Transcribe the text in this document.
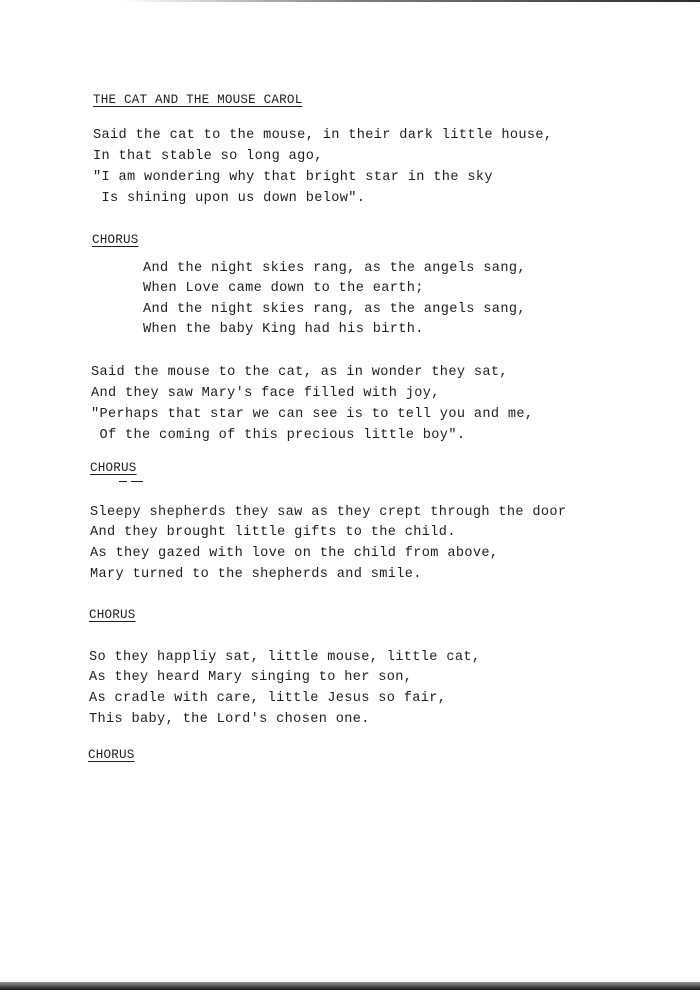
THE CAT AND THE MOUSE CAROL
Said the cat to the mouse, in their dark little house,
In that stable so long ago,
"I am wondering why that bright star in the sky
Is shining upon us down below".
CHORUS
And the night skies rang, as the angels sang,
When Love came down to the earth;
And the night skies rang, as the angels sang,
When the baby King had his birth.
Said the mouse to the cat, as in wonder they sat,
And they saw Mary's face filled with joy,
"Perhaps that star we can see is to tell you and me,
Of the coming of this precious little boy".
CHORUS
Sleepy shepherds they saw as they crept through the door
And they brought little gifts to the child.
As they gazed with love on the child from above,
Mary turned to the shepherds and smile.
CHORUS
So they happliy sat, little mouse, little cat,
As they heard Mary singing to her son,
As cradle with care, little Jesus so fair,
This baby, the Lord's chosen one.
CHORUS
